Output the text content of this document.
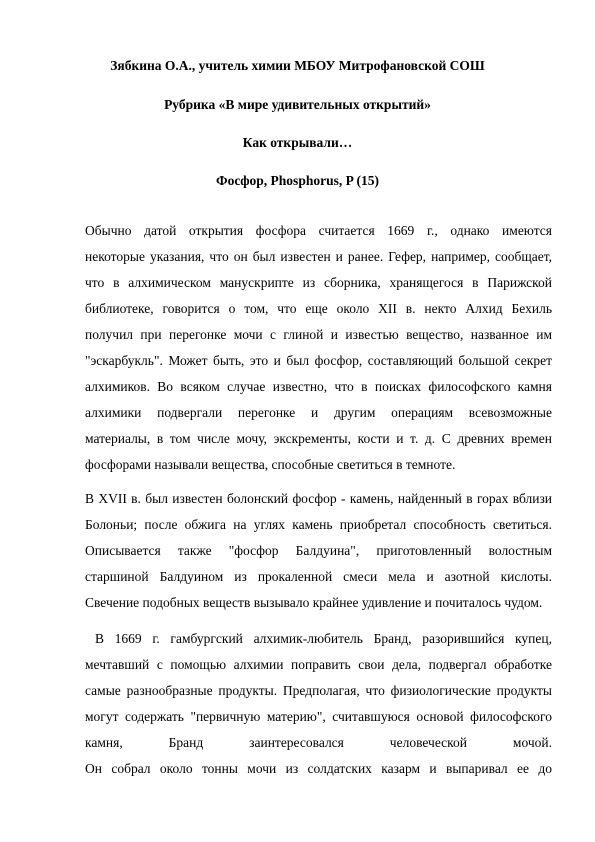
Зябкина О.А., учитель химии МБОУ Митрофановской СОШ
Рубрика «В мире удивительных открытий»
Как открывали…
Фосфор, Phosphorus, P (15)
Обычно датой открытия фосфора считается 1669 г., однако имеются
некоторые указания, что он был известен и ранее. Гефер, например, сообщает,
что в алхимическом манускрипте из сборника, хранящегося в Парижской
библиотеке, говорится о том, что еще около XII в. некто Алхид Бехиль
получил при перегонке мочи с глиной и известью вещество, названное им
"эскарбукль". Может быть, это и был фосфор, составляющий большой секрет
алхимиков. Во всяком случае известно, что в поисках философского камня
алхимики подвергали перегонке и другим операциям всевозможные
материалы, в том числе мочу, экскременты, кости и т. д. С древних времен
фосфорами называли вещества, способные светиться в темноте.
В XVII в. был известен болонский фосфор - камень, найденный в горах вблизи
Болоньи; после обжига на углях камень приобретал способность светиться.
Описывается также "фосфор Балдуина", приготовленный волостным
старшиной Балдуином из прокаленной смеси мела и азотной кислоты.
Свечение подобных веществ вызывало крайнее удивление и почиталось чудом.
В 1669 г. гамбургский алхимик-любитель Бранд, разорившийся купец,
мечтавший с помощью алхимии поправить свои дела, подвергал обработке
самые разнообразные продукты. Предполагая, что физиологические продукты
могут содержать "первичную материю", считавшуюся основой философского
камня, Бранд заинтересовался человеческой мочой.
Он собрал около тонны мочи из солдатских казарм и выпаривал ее до
